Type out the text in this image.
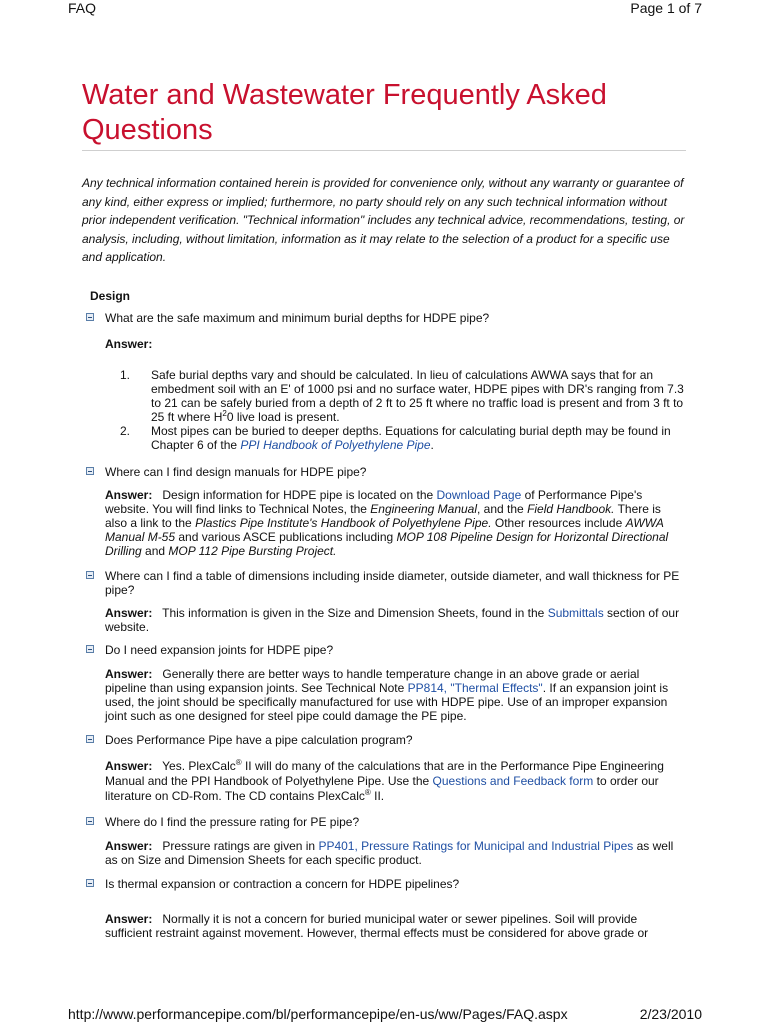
FAQ	Page 1 of 7
Water and Wastewater Frequently Asked Questions

Any technical information contained herein is provided for convenience only, without any warranty or guarantee of any kind, either express or implied; furthermore, no party should rely on any such technical information without prior independent verification. "Technical information" includes any technical advice, recommendations, testing, or analysis, including, without limitation, information as it may relate to the selection of a product for a specific use and application.

Design
What are the safe maximum and minimum burial depths for HDPE pipe?
Answer:
1. Safe burial depths vary and should be calculated. In lieu of calculations AWWA says that for an embedment soil with an E' of 1000 psi and no surface water, HDPE pipes with DR's ranging from 7.3 to 21 can be safely buried from a depth of 2 ft to 25 ft where no traffic load is present and from 3 ft to 25 ft where $H^20$ live load is present.
2. Most pipes can be buried to deeper depths. Equations for calculating burial depth may be found in Chapter 6 of the PPI Handbook of Polyethylene Pipe.
Where can I find design manuals for HDPE pipe?
Answer: Design information for HDPE pipe is located on the Download Page of Performance Pipe's website. You will find links to Technical Notes, the Engineering Manual, and the Field Handbook. There is also a link to the Plastics Pipe Institute's Handbook of Polyethylene Pipe. Other resources include AWWA Manual M-55 and various ASCE publications including MOP 108 Pipeline Design for Horizontal Directional Drilling and MOP 112 Pipe Bursting Project.
Where can I find a table of dimensions including inside diameter, outside diameter, and wall thickness for PE pipe?
Answer: This information is given in the Size and Dimension Sheets, found in the Submittals section of our website.
Do I need expansion joints for HDPE pipe?
Answer: Generally there are better ways to handle temperature change in an above grade or aerial pipeline than using expansion joints. See Technical Note PP814, "Thermal Effects". If an expansion joint is used, the joint should be specifically manufactured for use with HDPE pipe. Use of an improper expansion joint such as one designed for steel pipe could damage the PE pipe.
Does Performance Pipe have a pipe calculation program?
Answer: Yes. PlexCalc® II will do many of the calculations that are in the Performance Pipe Engineering Manual and the PPI Handbook of Polyethylene Pipe. Use the Questions and Feedback form to order our literature on CD-Rom. The CD contains PlexCalc® II.
Where do I find the pressure rating for PE pipe?
Answer: Pressure ratings are given in PP401, Pressure Ratings for Municipal and Industrial Pipes as well as on Size and Dimension Sheets for each specific product.
Is thermal expansion or contraction a concern for HDPE pipelines?
Answer: Normally it is not a concern for buried municipal water or sewer pipelines. Soil will provide sufficient restraint against movement. However, thermal effects must be considered for above grade or
http://www.performancepipe.com/bl/performancepipe/en-us/ww/Pages/FAQ.aspx	2/23/2010
